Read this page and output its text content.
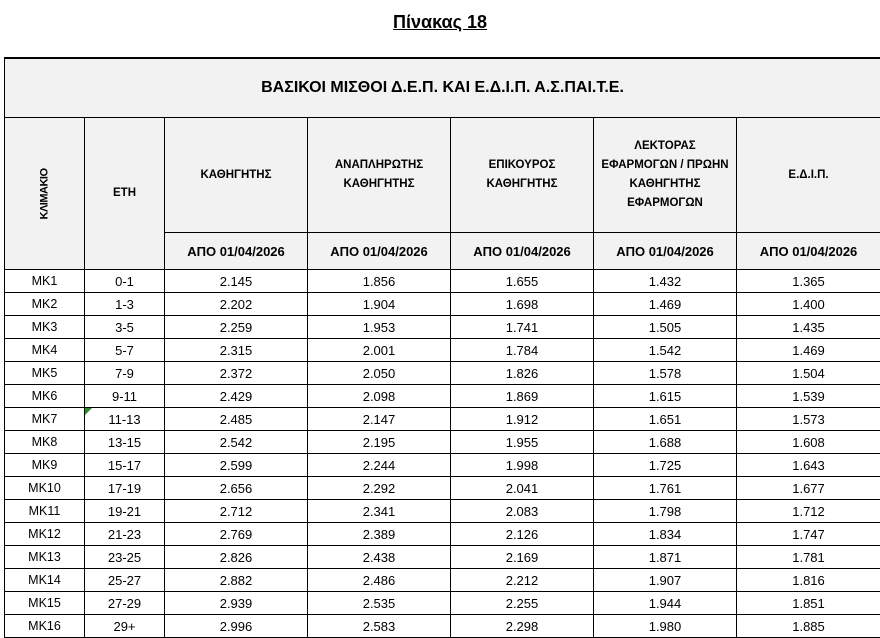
Πίνακας 18
ΒΑΣΙΚΟΙ ΜΙΣΘΟΙ Δ.Ε.Π. ΚΑΙ Ε.Δ.Ι.Π. Α.Σ.ΠΑΙ.Τ.Ε.						

ΚΛΙΜΑΚΙΟ	ΕΤΗ	ΚΑΘΗΓΗΤΗΣ	ΑΝΑΠΛΗΡΩΤΗΣ ΚΑΘΗΓΗΤΗΣ	ΕΠΙΚΟΥΡΟΣ ΚΑΘΗΓΗΤΗΣ	ΛΕΚΤΟΡΑΣ ΕΦΑΡΜΟΓΩΝ / ΠΡΩΗΝ ΚΑΘΗΓΗΤΗΣ ΕΦΑΡΜΟΓΩΝ	Ε.Δ.Ι.Π.
		ΑΠΟ 01/04/2026	ΑΠΟ 01/04/2026	ΑΠΟ 01/04/2026	ΑΠΟ 01/04/2026	ΑΠΟ 01/04/2026
ΜΚ1	0-1	2.145	1.856	1.655	1.432	1.365
ΜΚ2	1-3	2.202	1.904	1.698	1.469	1.400
ΜΚ3	3-5	2.259	1.953	1.741	1.505	1.435
ΜΚ4	5-7	2.315	2.001	1.784	1.542	1.469
ΜΚ5	7-9	2.372	2.050	1.826	1.578	1.504
ΜΚ6	9-11	2.429	2.098	1.869	1.615	1.539
ΜΚ7	11-13	2.485	2.147	1.912	1.651	1.573
ΜΚ8	13-15	2.542	2.195	1.955	1.688	1.608
ΜΚ9	15-17	2.599	2.244	1.998	1.725	1.643
ΜΚ10	17-19	2.656	2.292	2.041	1.761	1.677
ΜΚ11	19-21	2.712	2.341	2.083	1.798	1.712
ΜΚ12	21-23	2.769	2.389	2.126	1.834	1.747
ΜΚ13	23-25	2.826	2.438	2.169	1.871	1.781
ΜΚ14	25-27	2.882	2.486	2.212	1.907	1.816
ΜΚ15	27-29	2.939	2.535	2.255	1.944	1.851
ΜΚ16	29+	2.996	2.583	2.298	1.980	1.885
